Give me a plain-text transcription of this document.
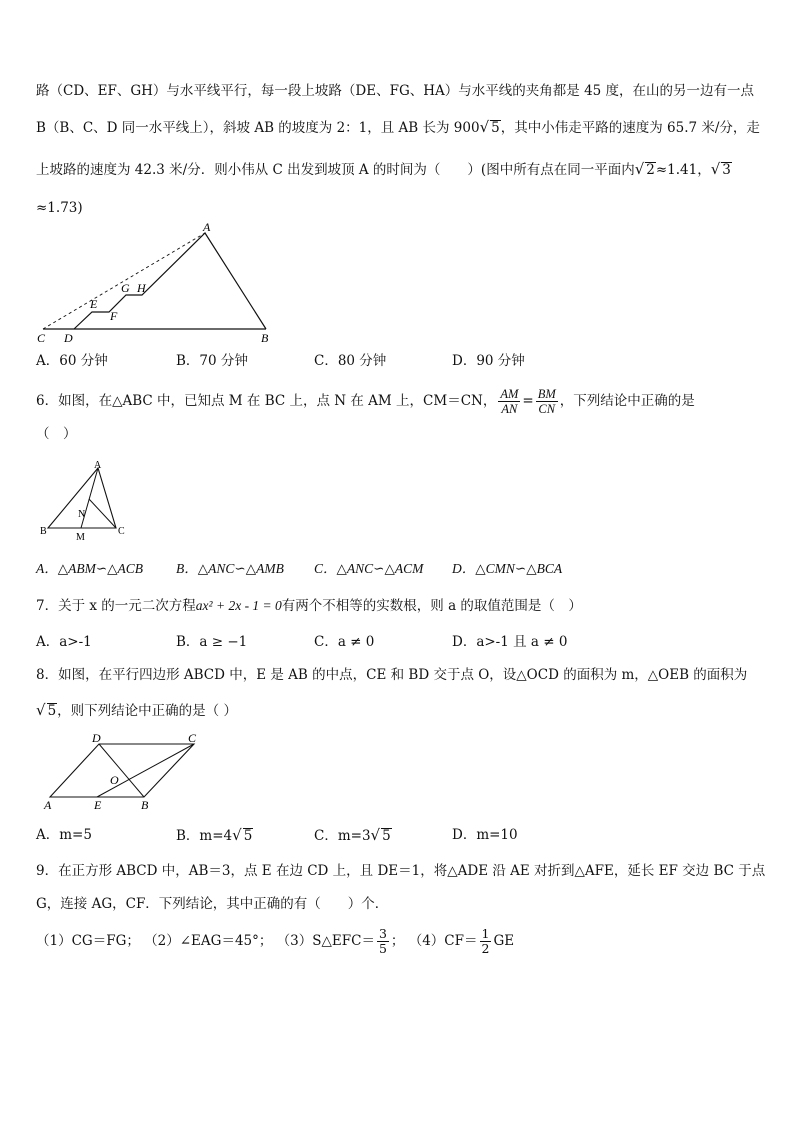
路（CD、EF、GH）与水平线平行，每一段上坡路（DE、FG、HA）与水平线的夹角都是 45 度，在山的另一边有一点
B（B、C、D 同一水平线上），斜坡 AB 的坡度为 2：1，且 AB 长为 900√ 5，其中小伟走平路的速度为 65.7 米/分，走
上坡路的速度为 42.3 米/分．则小伟从 C 出发到坡顶 A 的时间为（　　）(图中所有点在同一平面内√ 2≈1.41，√ 3
≈1.73)
A
B
C D
E
F
G H
A．60 分钟	B．70 分钟	C．80 分钟	D．90 分钟
6．如图，在△ABC 中，已知点 M 在 BC 上，点 N 在 AM 上，CM＝CN， $\frac{AM}{AN} = \frac{BM}{CN}$ ，下列结论中正确的是
（　）
A
B	C
M
N
A．△ABM∽△ACB B．△ANC∽△AMB C．△ANC∽△ACM D．△CMN∽△BCA
7．关于 x 的一元二次方程ax² + 2x - 1 = 0有两个不相等的实数根，则 a 的取值范围是（　）
A．a>-1	B．a ≥ −1	C．a ≠ 0	D．a>-1 且 a ≠ 0
8．如图，在平行四边形 ABCD 中，E 是 AB 的中点，CE 和 BD 交于点 O，设△OCD 的面积为 m，△OEB 的面积为
√ 5，则下列结论中正确的是（ ）
D	C
A	E	B
O
A．m=5	B．m=4√ 5	C．m=3√ 5	D．m=10
9．在正方形 ABCD 中，AB＝3，点 E 在边 CD 上，且 DE＝1，将△ADE 沿 AE 对折到△AFE，延长 EF 交边 BC 于点
G，连接 AG，CF．下列结论，其中正确的有（　　）个．
（1）CG＝FG； （2）∠EAG＝45°； （3）S△EFC＝ $\frac{3}{5}$ ； $(4)CF= \frac{1}{2}$ GE
